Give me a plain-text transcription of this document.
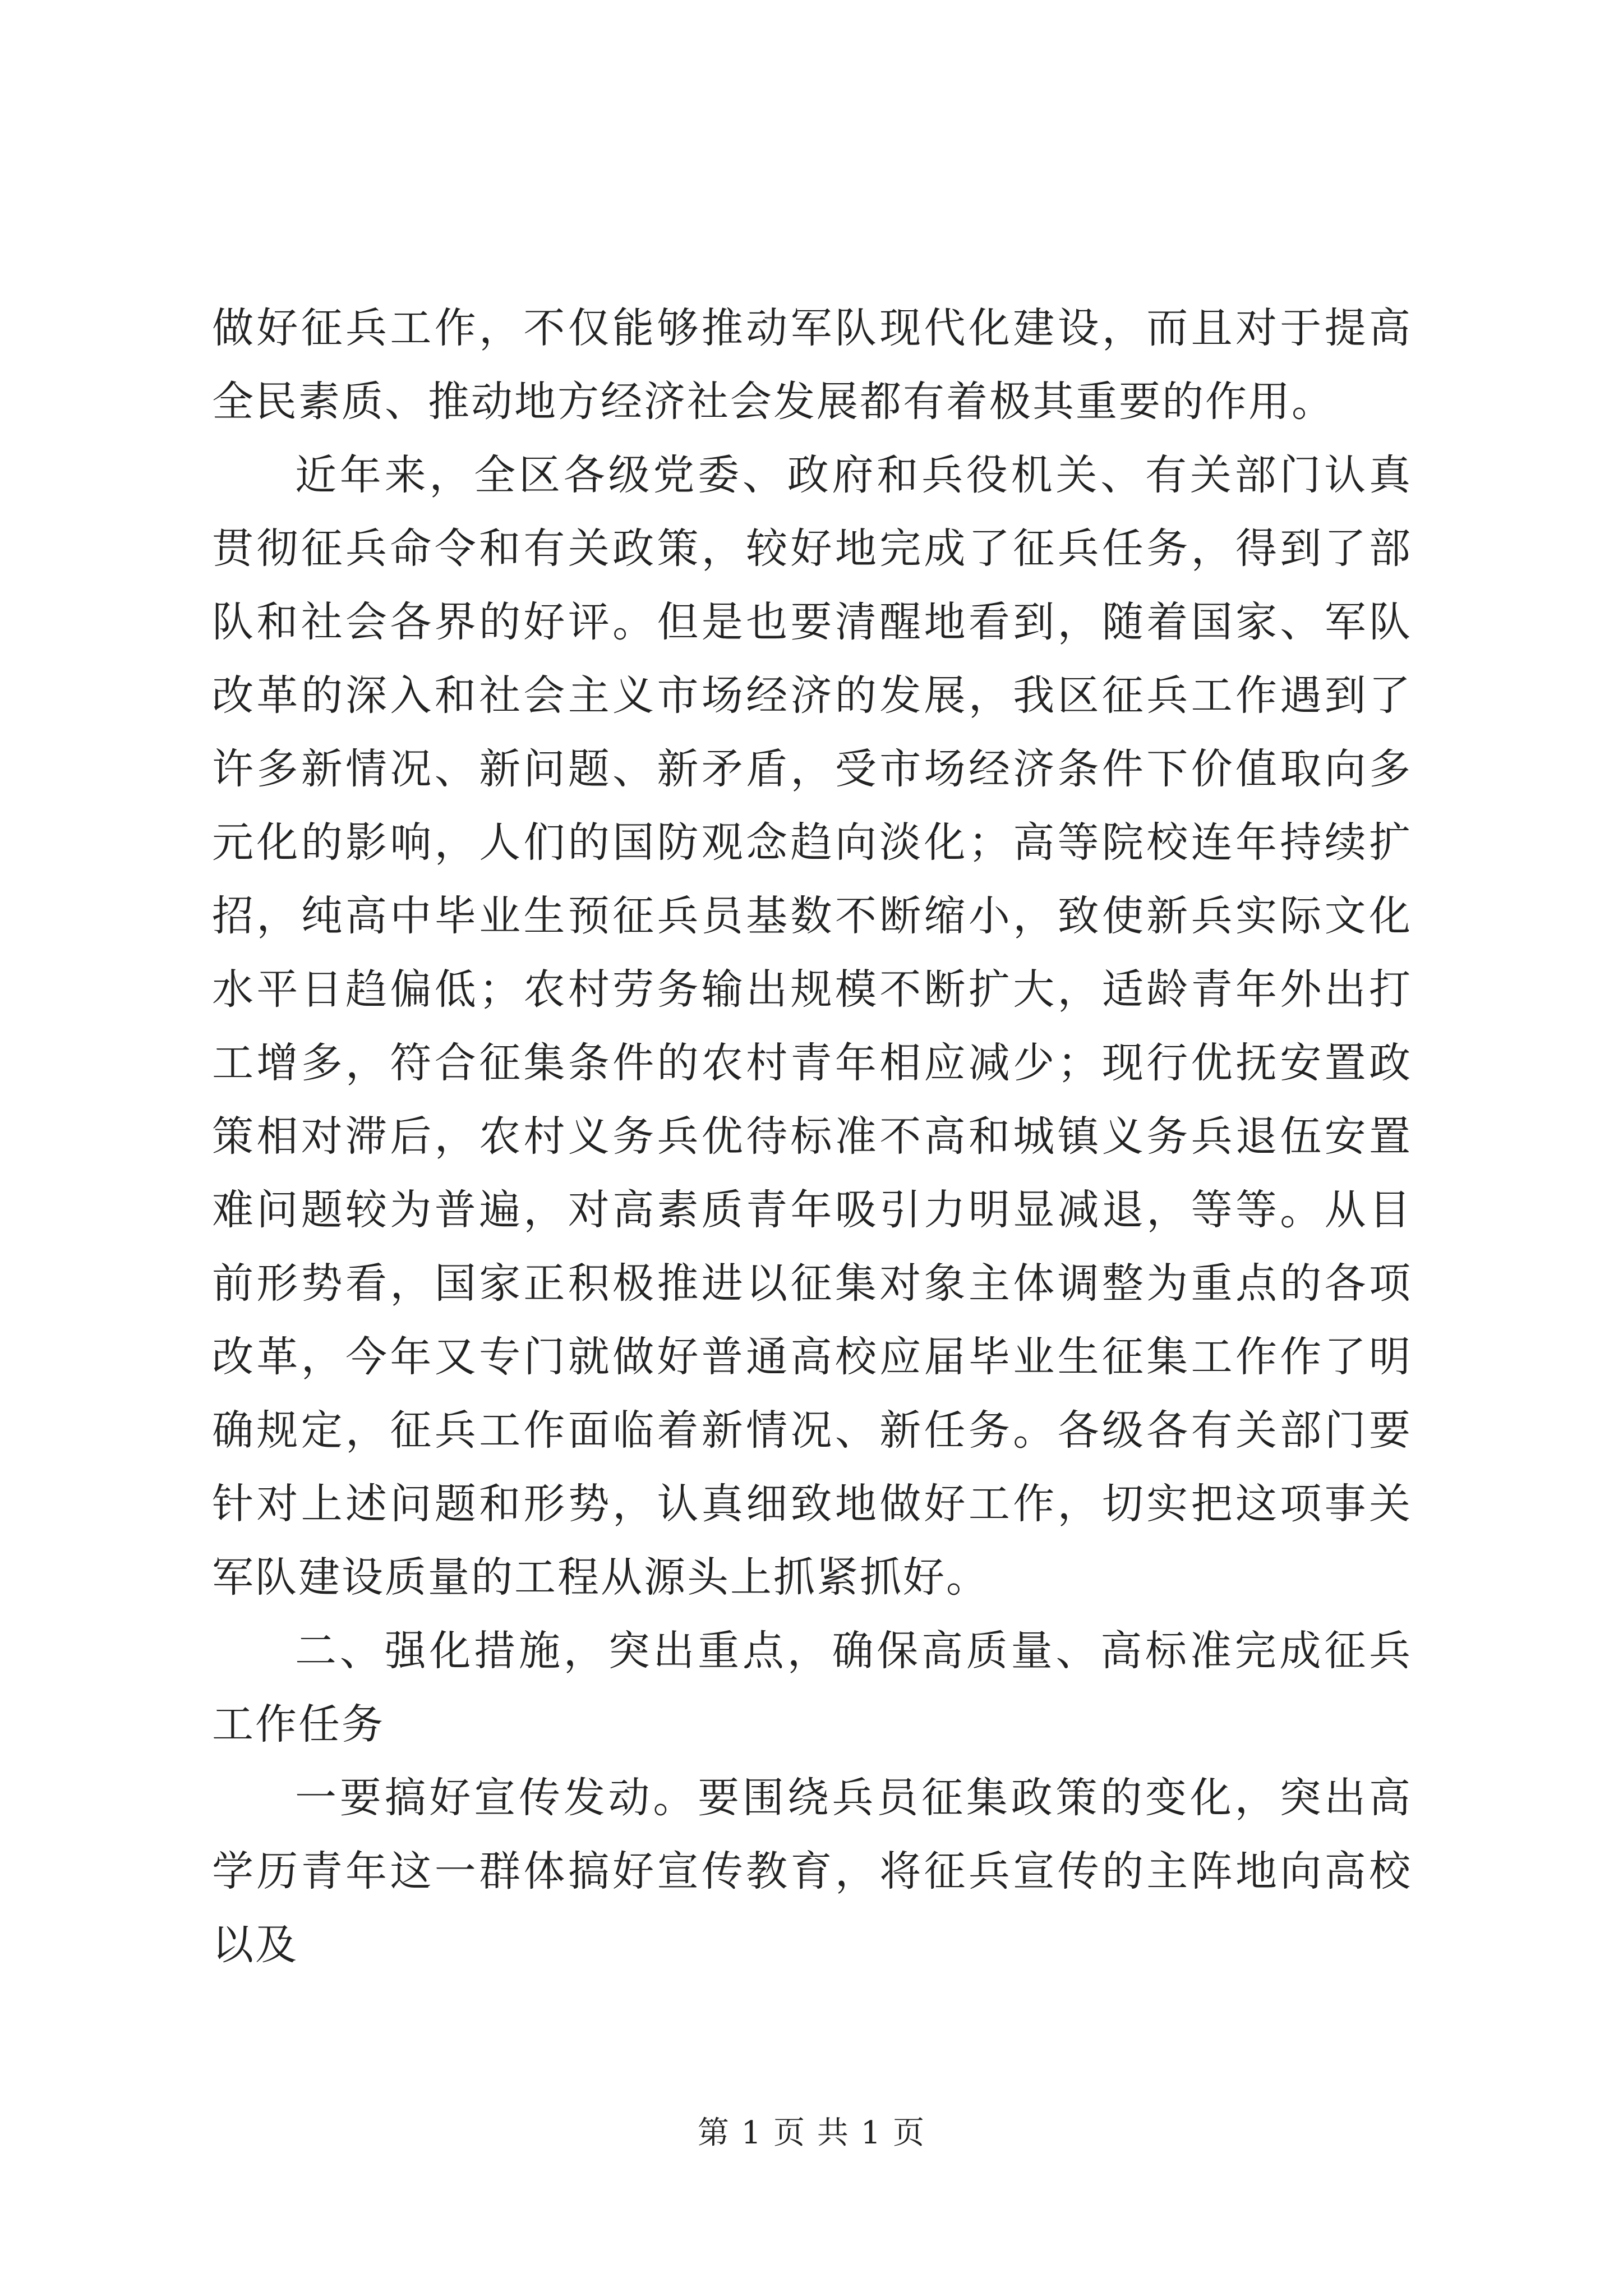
做好征兵工作，不仅能够推动军队现代化建设，而且对于提高全民素质、推动地方经济社会发展都有着极其重要的作用。

近年来，全区各级党委、政府和兵役机关、有关部门认真贯彻征兵命令和有关政策，较好地完成了征兵任务，得到了部队和社会各界的好评。但是也要清醒地看到，随着国家、军队改革的深入和社会主义市场经济的发展，我区征兵工作遇到了许多新情况、新问题、新矛盾，受市场经济条件下价值取向多元化的影响，人们的国防观念趋向淡化；高等院校连年持续扩招，纯高中毕业生预征兵员基数不断缩小，致使新兵实际文化水平日趋偏低；农村劳务输出规模不断扩大，适龄青年外出打工增多，符合征集条件的农村青年相应减少；现行优抚安置政策相对滞后，农村义务兵优待标准不高和城镇义务兵退伍安置难问题较为普遍，对高素质青年吸引力明显减退，等等。从目前形势看，国家正积极推进以征集对象主体调整为重点的各项改革，今年又专门就做好普通高校应届毕业生征集工作作了明确规定，征兵工作面临着新情况、新任务。各级各有关部门要针对上述问题和形势，认真细致地做好工作，切实把这项事关军队建设质量的工程从源头上抓紧抓好。

二、强化措施，突出重点，确保高质量、高标准完成征兵工作任务

一要搞好宣传发动。要围绕兵员征集政策的变化，突出高学历青年这一群体搞好宣传教育，将征兵宣传的主阵地向高校以及

第 1 页 共 1 页
